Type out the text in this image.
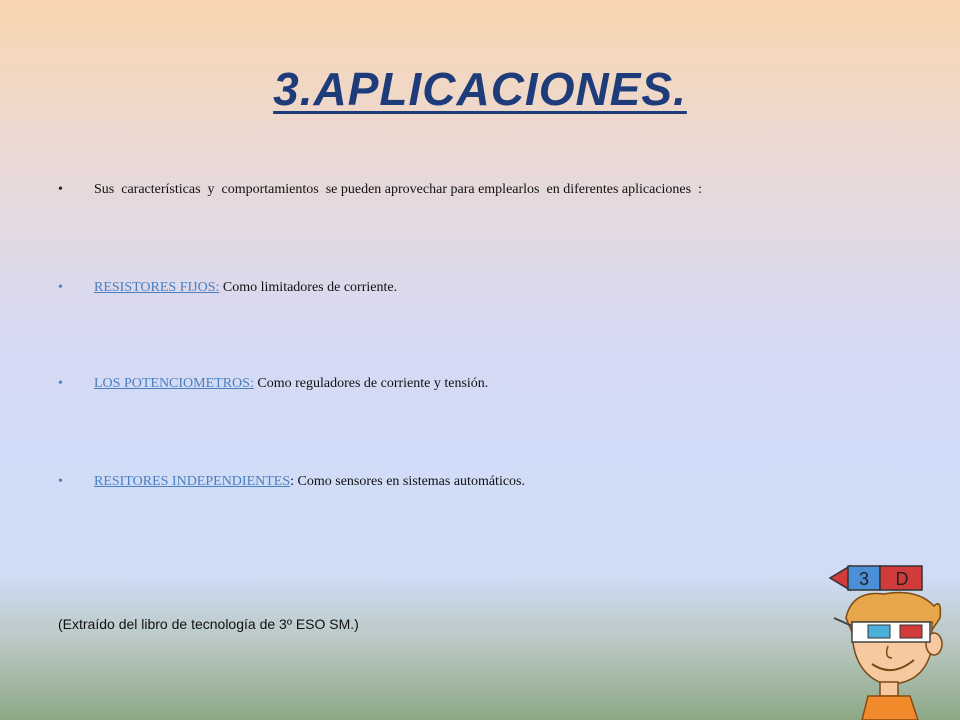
3.APLICACIONES.
•	Sus  características  y  comportamientos  se pueden aprovechar para emplearlos  en diferentes aplicaciones  :
•	RESISTORES FIJOS: Como limitadores de corriente.
•	LOS POTENCIOMETROS: Como reguladores de corriente y tensión.
•	RESITORES INDEPENDIENTES: Como sensores en sistemas automáticos.
(Extraído del libro de tecnología de 3º ESO SM.)
3 D
